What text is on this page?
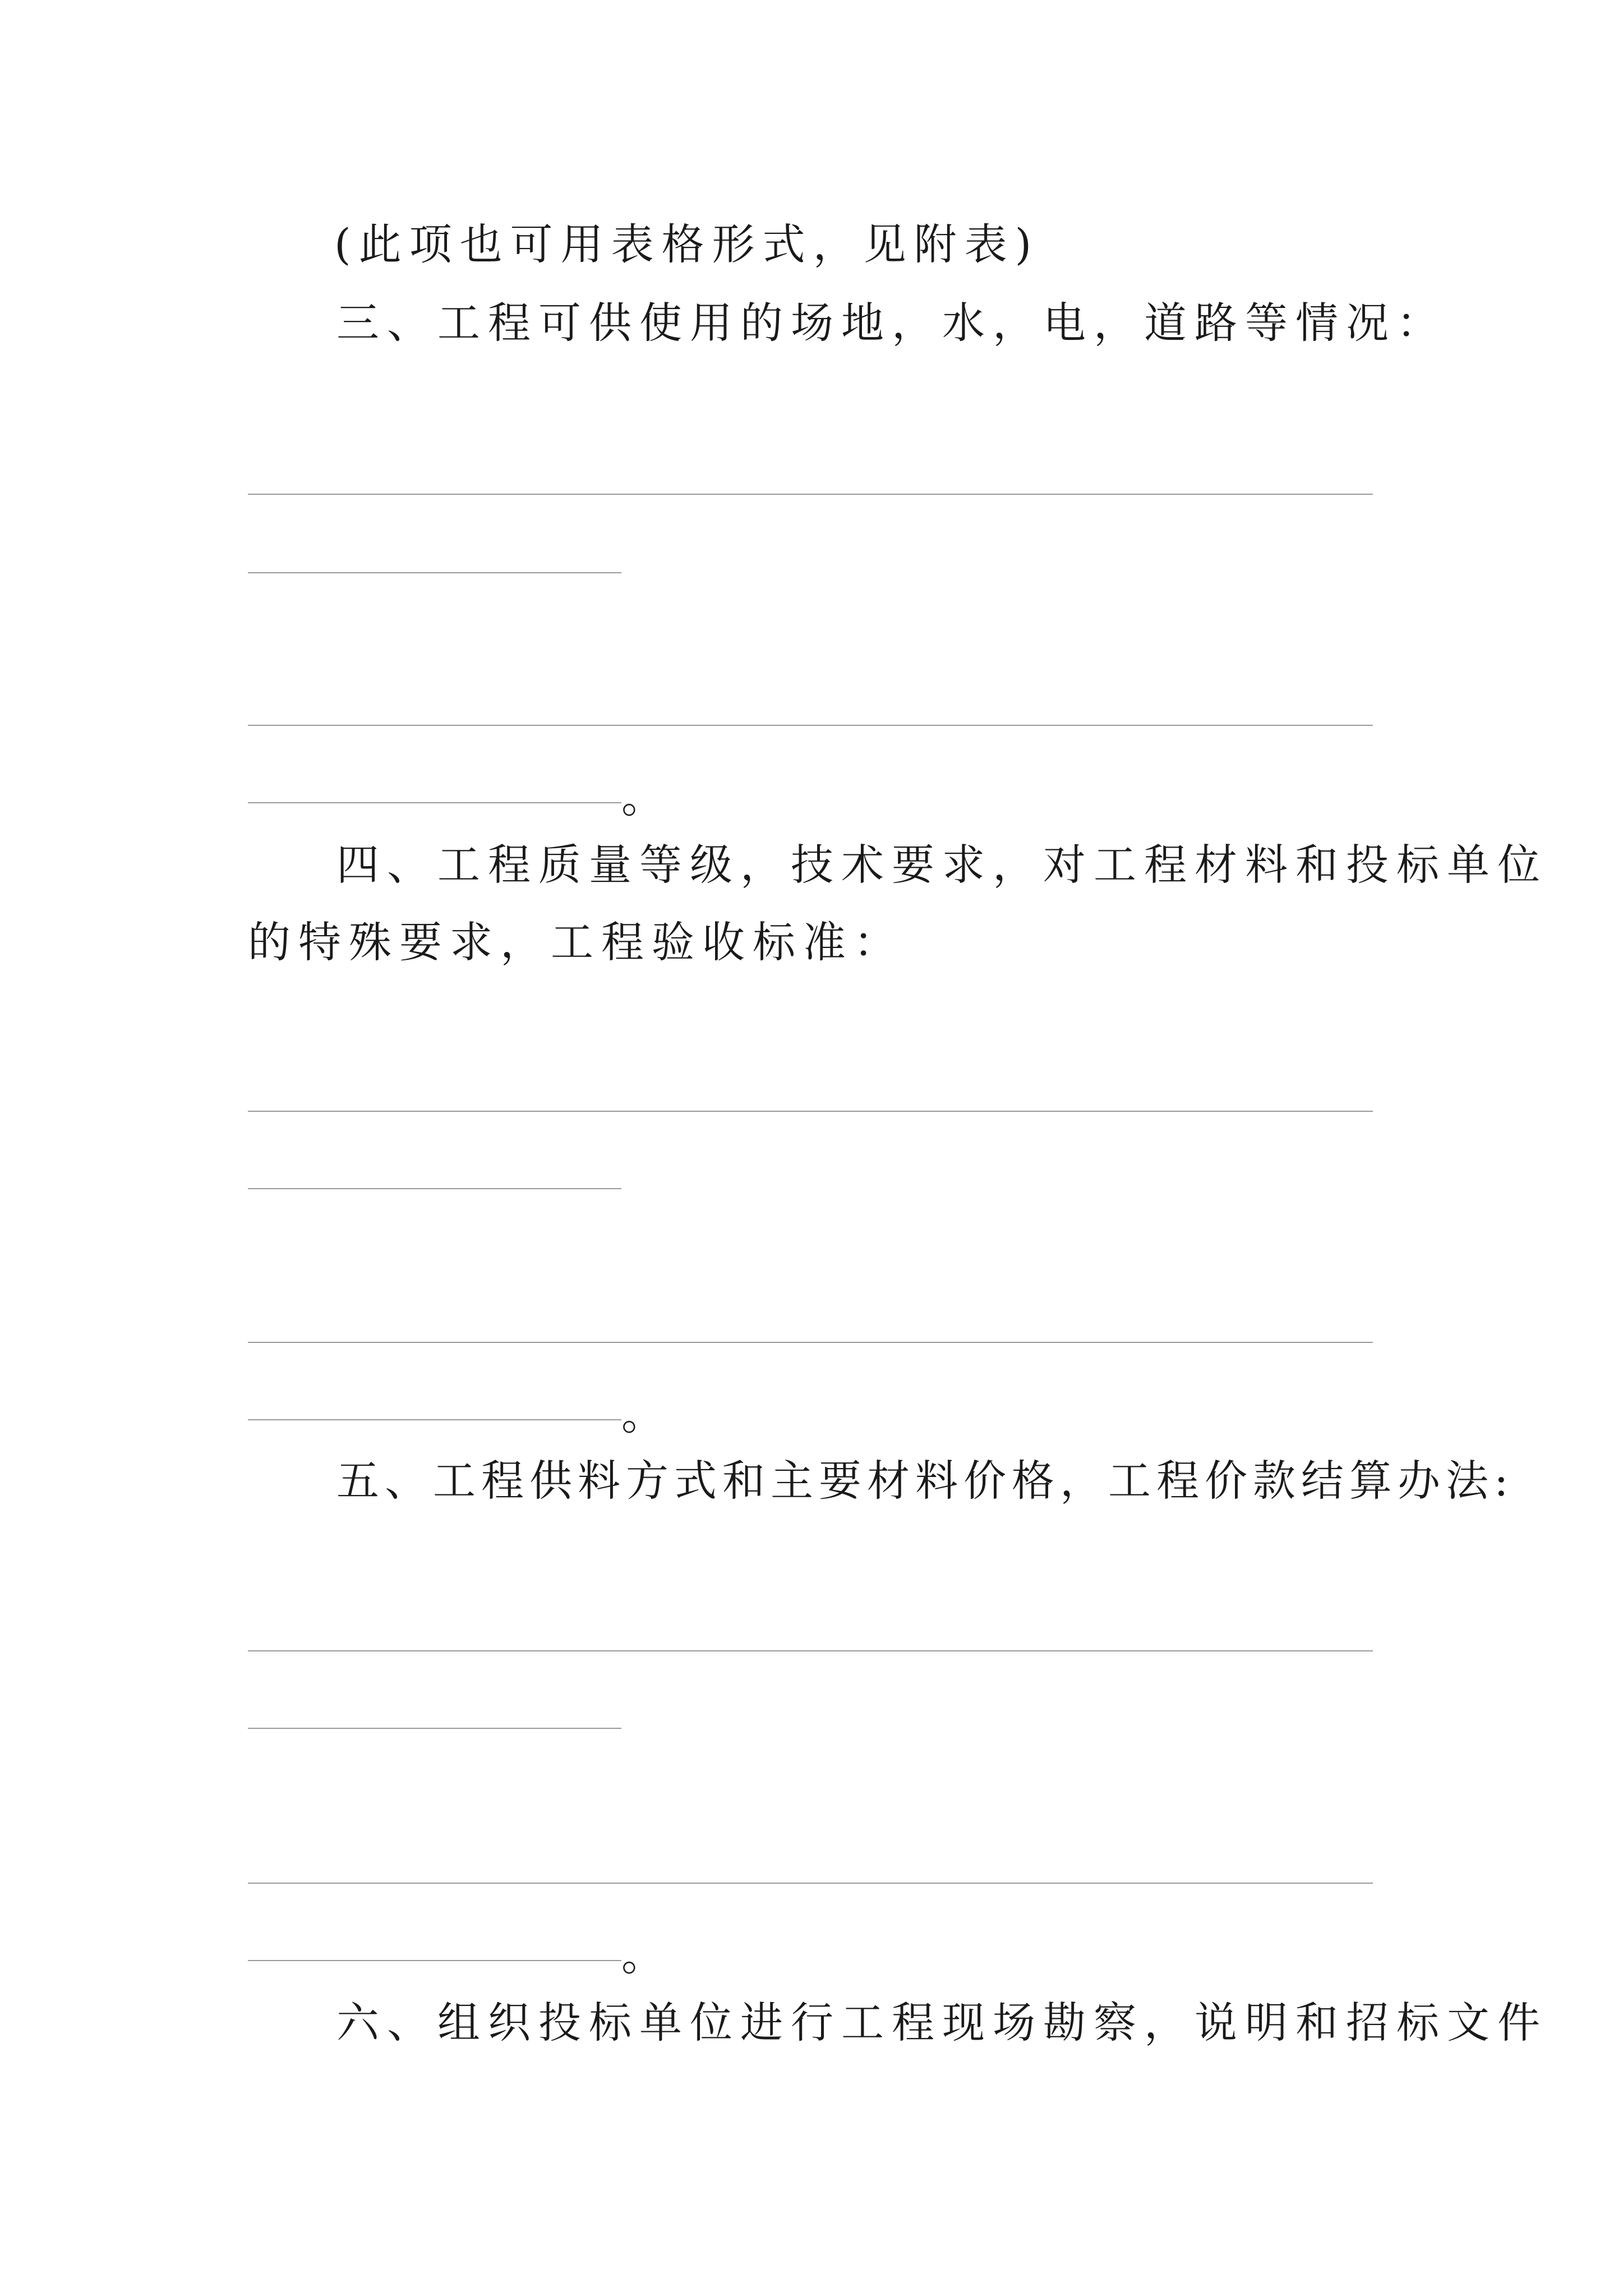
(此项也可用表格形式，见附表)
三、工程可供使用的场地，水，电，道路等情况：
。
四、工程质量等级，技术要求，对工程材料和投标单位
的特殊要求，工程验收标准：
。
五、工程供料方式和主要材料价格，工程价款结算办法:
。
六、组织投标单位进行工程现场勘察，说明和招标文件
